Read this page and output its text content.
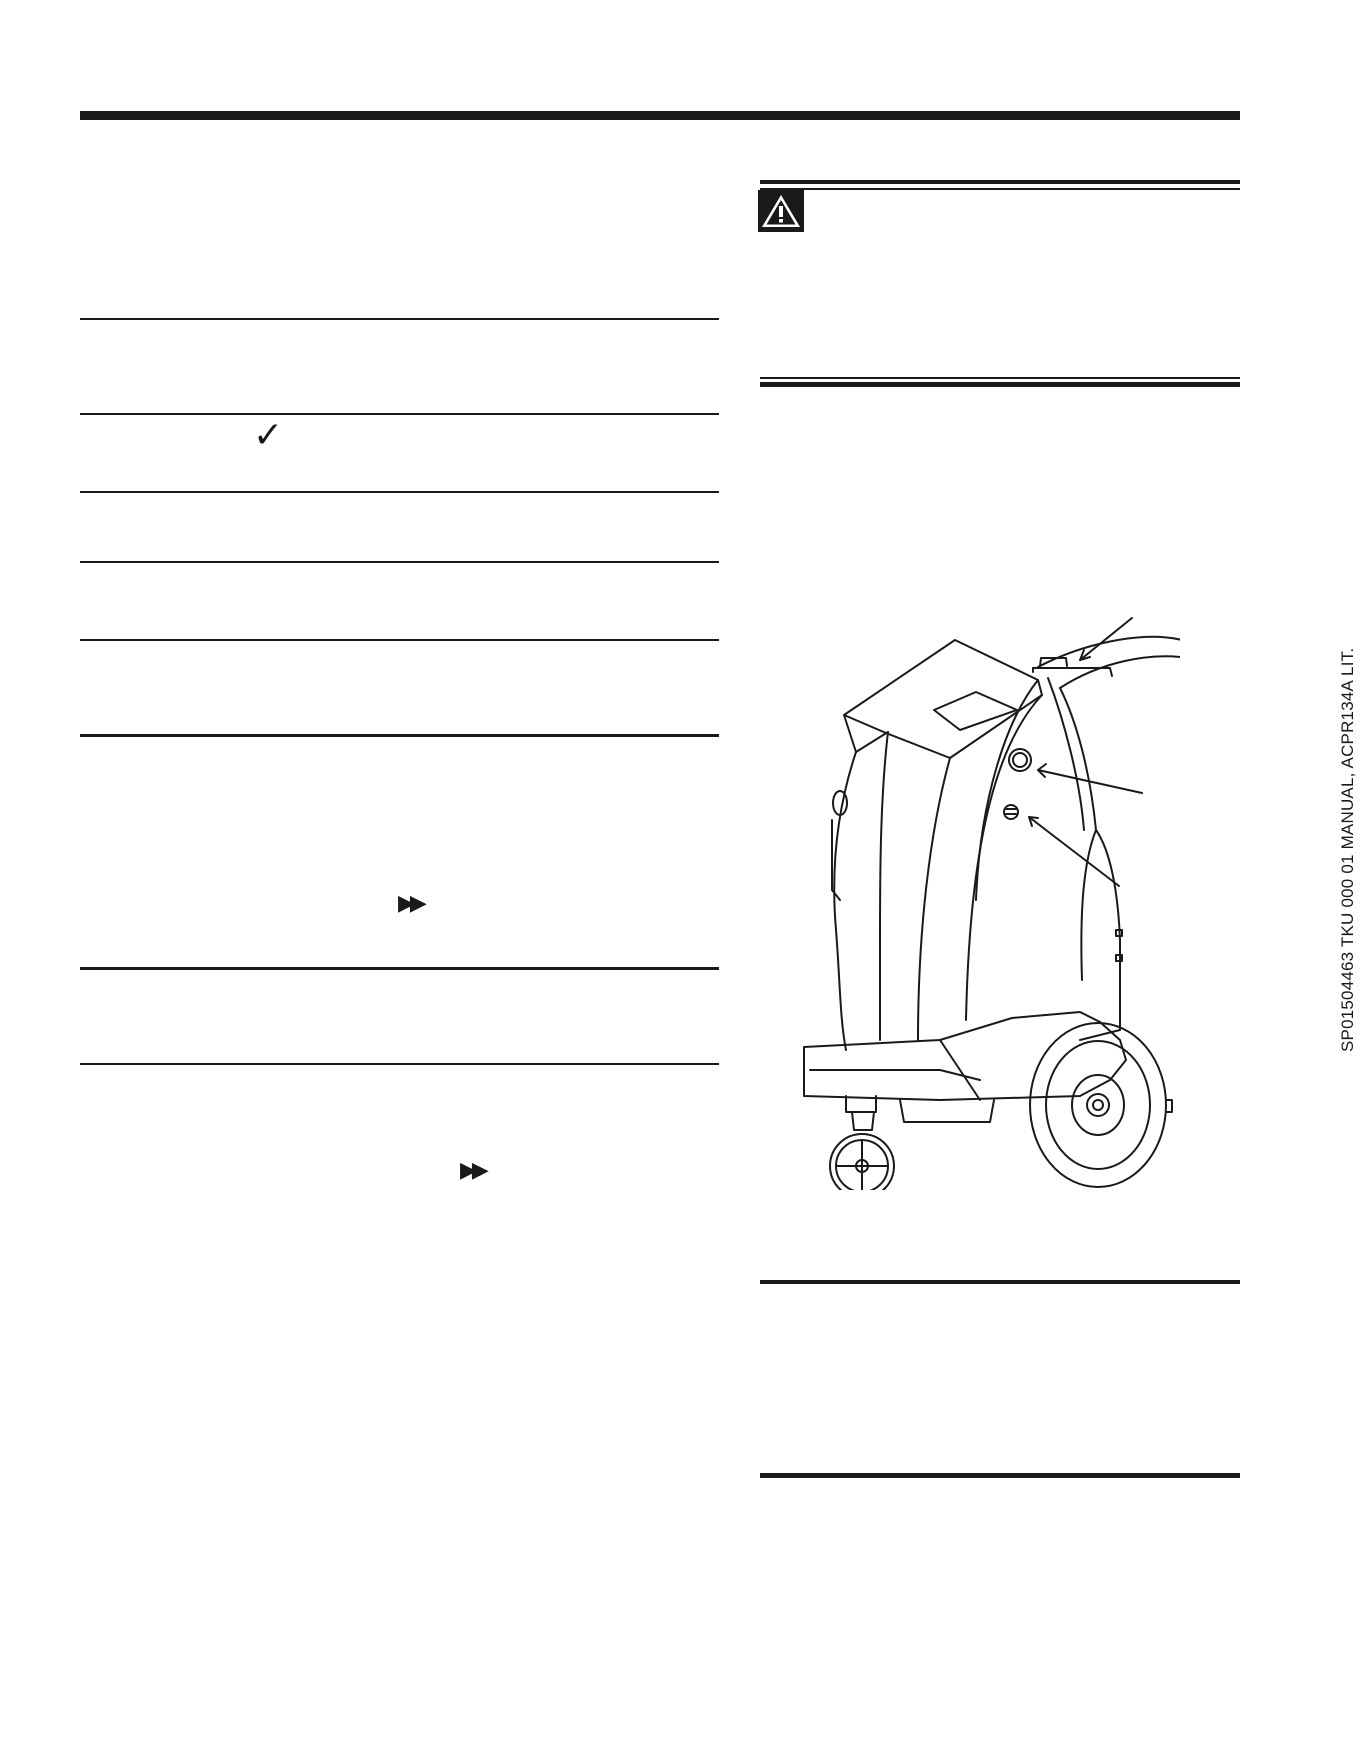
✓
▶▶
▶▶
SP01504463 TKU 000 01 MANUAL, ACPR134A LIT.
